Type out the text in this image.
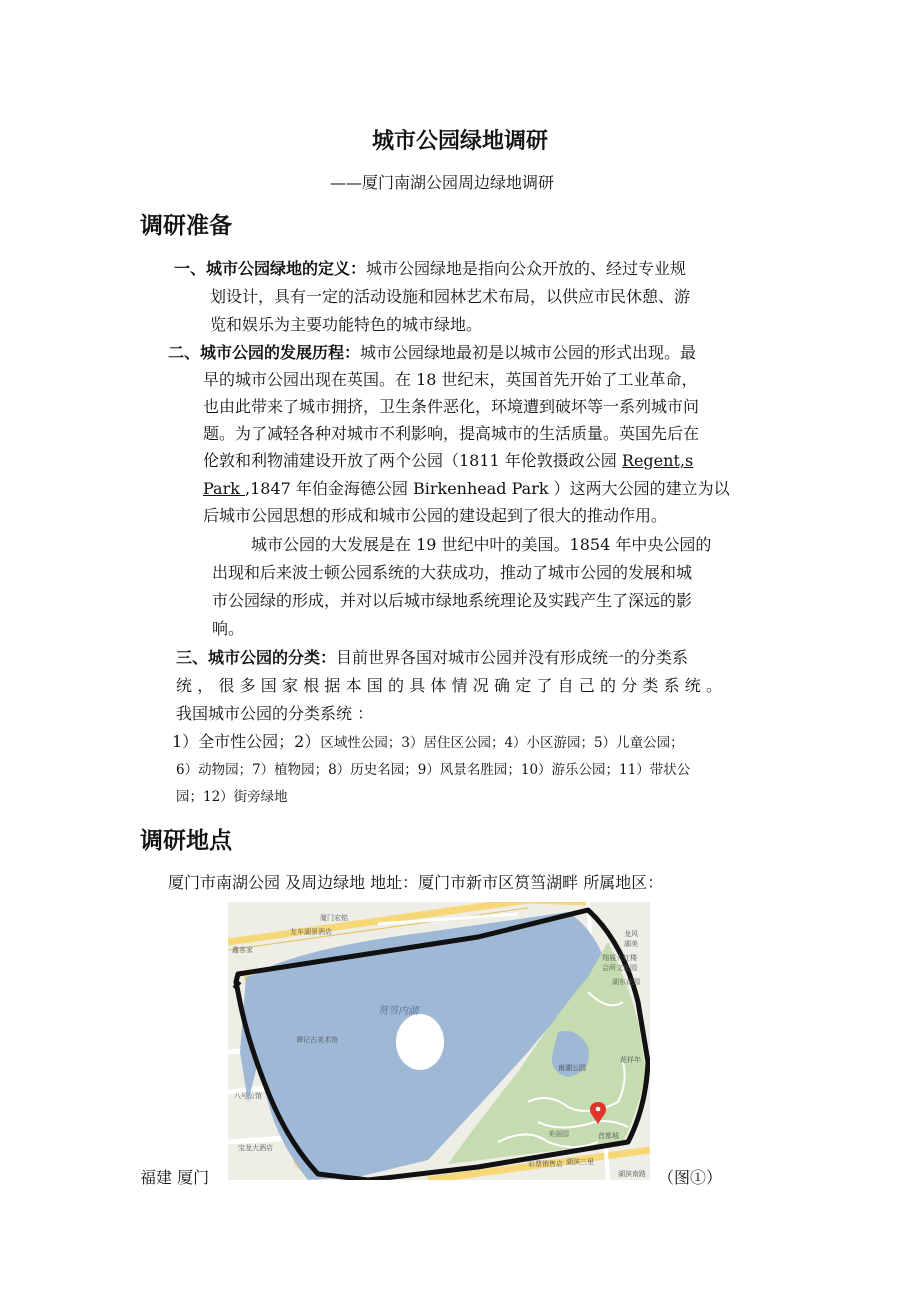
城市公园绿地调研
——厦门南湖公园周边绿地调研
调研准备
一、城市公园绿地的定义：城市公园绿地是指向公众开放的、经过专业规
划设计，具有一定的活动设施和园林艺术布局，以供应市民休憩、游
览和娱乐为主要功能特色的城市绿地。
二、城市公园的发展历程：城市公园绿地最初是以城市公园的形式出现。最
早的城市公园出现在英国。在 18 世纪末，英国首先开始了工业革命，
也由此带来了城市拥挤，卫生条件恶化，环境遭到破坏等一系列城市问
题。为了减轻各种对城市不利影响，提高城市的生活质量。英国先后在
伦敦和利物浦建设开放了两个公园（1811 年伦敦摄政公园 Regent,s
Park ,1847 年伯金海德公园 Birkenhead Park ）这两大公园的建立为以
后城市公园思想的形成和城市公园的建设起到了很大的推动作用。
城市公园的大发展是在 19 世纪中叶的美国。1854 年中央公园的
出现和后来波士顿公园系统的大获成功，推动了城市公园的发展和城
市公园绿的形成，并对以后城市绿地系统理论及实践产生了深远的影
响。
三、城市公园的分类：目前世界各国对城市公园并没有形成统一的分类系
统，很多国家根据本国的具体情况确定了自己的分类系统。
我国城市公园的分类系统 ：
1）全市性公园；2）区域性公园；3）居住区公园；4）小区游园；5）儿童公园；
6）动物园；7）植物园；8）历史名园；9）风景名胜园；10）游乐公园；11）带状公
园；12）街旁绿地
调研地点
厦门市南湖公园 及周边绿地 地址：厦门市新市区筼筜湖畔 所属地区：
筼筜内湖
南湖公园
厦门宏铭
友车湖景酒店
鑫客家
谭记古美术馆
八号公馆
宝龙大酒店
龙风
湖美
翔展大红楼
会所文化园
湖东花园
花样年
美丽园	首都城
彩票销售店 湖滨三里
湖滨南路
福建 厦门	（图①）
